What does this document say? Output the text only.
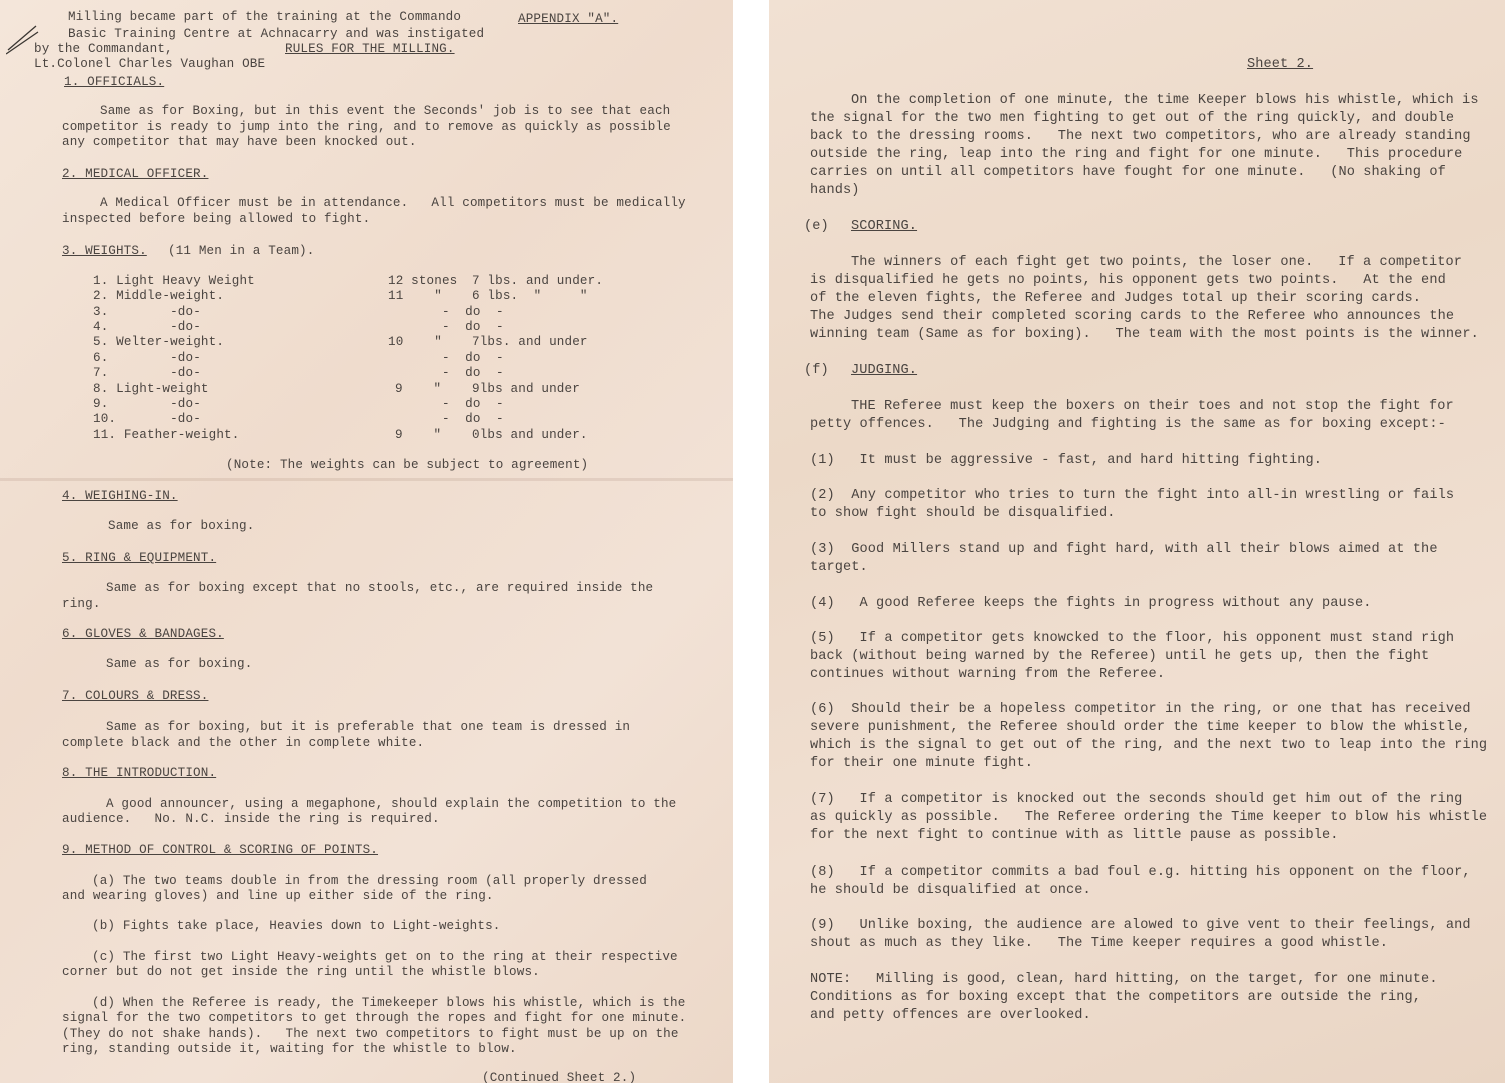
Milling became part of the training at the Commando
Basic Training Centre at Achnacarry and was instigated
by the Commandant,
Lt.Colonel Charles Vaughan OBE
APPENDIX "A".
RULES FOR THE MILLING.
1. OFFICIALS.
Same as for Boxing, but in this event the Seconds' job is to see that each
competitor is ready to jump into the ring, and to remove as quickly as possible
any competitor that may have been knocked out.
2. MEDICAL OFFICER.
A Medical Officer must be in attendance.   All competitors must be medically
inspected before being allowed to fight.
3. WEIGHTS. (11 Men in a Team).
1. Light Heavy Weight	12 stones 7 lbs. and under.
2. Middle-weight.	11    " 6 lbs.  "     "
3.        -do-	-  do  -
4.        -do-	-  do  -
5. Welter-weight.	10    " 7lbs. and under
6.        -do-	-  do  -
7.        -do-	-  do  -
8. Light-weight	9    " 9lbs and under
9.        -do-	-  do  -
10.       -do-	-  do  -
11. Feather-weight.	9    " 0lbs and under.
(Note: The weights can be subject to agreement)
4. WEIGHING-IN.
Same as for boxing.
5. RING & EQUIPMENT.
Same as for boxing except that no stools, etc., are required inside the
ring.
6. GLOVES & BANDAGES.
Same as for boxing.
7. COLOURS & DRESS.
Same as for boxing, but it is preferable that one team is dressed in
complete black and the other in complete white.
8. THE INTRODUCTION.
A good announcer, using a megaphone, should explain the competition to the
audience.   No. N.C. inside the ring is required.
9. METHOD OF CONTROL & SCORING OF POINTS.
(a) The two teams double in from the dressing room (all properly dressed
and wearing gloves) and line up either side of the ring.
(b) Fights take place, Heavies down to Light-weights.
(c) The first two Light Heavy-weights get on to the ring at their respective
corner but do not get inside the ring until the whistle blows.
(d) When the Referee is ready, the Timekeeper blows his whistle, which is the
signal for the two competitors to get through the ropes and fight for one minute.
(They do not shake hands).   The next two competitors to fight must be up on the
ring, standing outside it, waiting for the whistle to blow.
(Continued Sheet 2.)
Sheet 2.
On the completion of one minute, the time Keeper blows his whistle, which is
the signal for the two men fighting to get out of the ring quickly, and double
back to the dressing rooms.   The next two competitors, who are already standing
outside the ring, leap into the ring and fight for one minute.   This procedure
carries on until all competitors have fought for one minute.   (No shaking of
hands)
(e) SCORING.
The winners of each fight get two points, the loser one.   If a competitor
is disqualified he gets no points, his opponent gets two points.   At the end
of the eleven fights, the Referee and Judges total up their scoring cards.
The Judges send their completed scoring cards to the Referee who announces the
winning team (Same as for boxing).   The team with the most points is the winner.
(f) JUDGING.
THE Referee must keep the boxers on their toes and not stop the fight for
petty offences.   The Judging and fighting is the same as for boxing except:-
(1)   It must be aggressive - fast, and hard hitting fighting.
(2)  Any competitor who tries to turn the fight into all-in wrestling or fails
to show fight should be disqualified.
(3)  Good Millers stand up and fight hard, with all their blows aimed at the
target.
(4)   A good Referee keeps the fights in progress without any pause.
(5)   If a competitor gets knowcked to the floor, his opponent must stand righ
back (without being warned by the Referee) until he gets up, then the fight
continues without warning from the Referee.
(6)  Should their be a hopeless competitor in the ring, or one that has received
severe punishment, the Referee should order the time keeper to blow the whistle,
which is the signal to get out of the ring, and the next two to leap into the ring
for their one minute fight.
(7)   If a competitor is knocked out the seconds should get him out of the ring
as quickly as possible.   The Referee ordering the Time keeper to blow his whistle
for the next fight to continue with as little pause as possible.
(8)   If a competitor commits a bad foul e.g. hitting his opponent on the floor,
he should be disqualified at once.
(9)   Unlike boxing, the audience are alowed to give vent to their feelings, and
shout as much as they like.   The Time keeper requires a good whistle.
NOTE:   Milling is good, clean, hard hitting, on the target, for one minute.
Conditions as for boxing except that the competitors are outside the ring,
and petty offences are overlooked.
